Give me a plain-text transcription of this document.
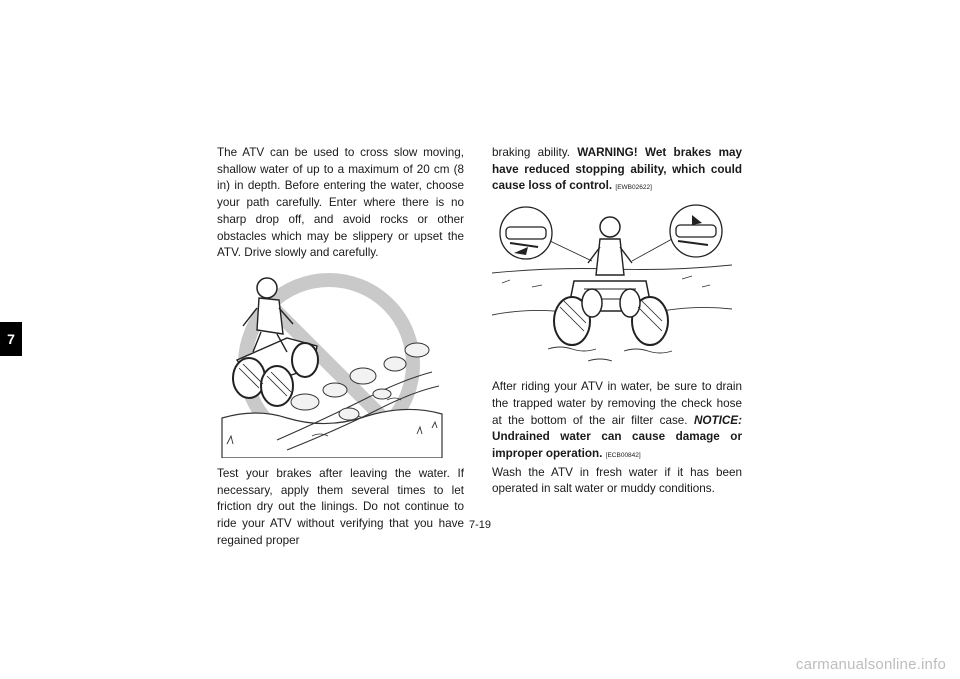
7

The ATV can be used to cross slow moving, shallow water of up to a maximum of 20 cm (8 in) in depth. Before entering the water, choose your path carefully. Enter where there is no sharp drop off, and avoid rocks or other obstacles which may be slippery or upset the ATV. Drive slowly and carefully.

Test your brakes after leaving the water. If necessary, apply them several times to let friction dry out the linings. Do not continue to ride your ATV without verifying that you have regained proper

braking ability. WARNING! Wet brakes may have reduced stopping ability, which could cause loss of control. [EWB02622]

After riding your ATV in water, be sure to drain the trapped water by removing the check hose at the bottom of the air filter case. NOTICE: Undrained water can cause damage or improper operation. [ECB00842]

Wash the ATV in fresh water if it has been operated in salt water or muddy conditions.

7-19
carmanualsonline.info
